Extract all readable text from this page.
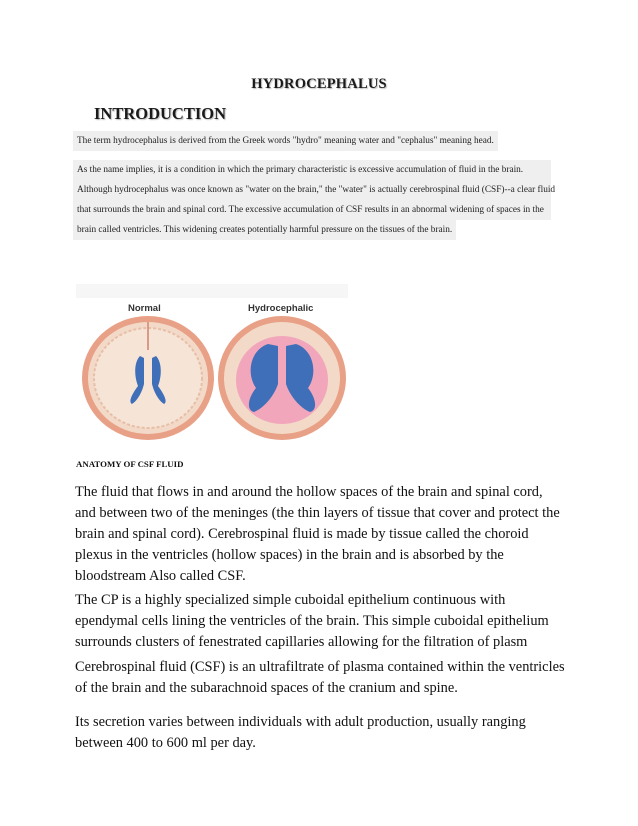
HYDROCEPHALUS
INTRODUCTION
The term hydrocephalus is derived from the Greek words "hydro" meaning water and "cephalus" meaning head.
As the name implies, it is a condition in which the primary characteristic is excessive accumulation of fluid in the brain.
Although hydrocephalus was once known as "water on the brain," the "water" is actually cerebrospinal fluid (CSF)--a clear fluid
that surrounds the brain and spinal cord. The excessive accumulation of CSF results in an abnormal widening of spaces in the
brain called ventricles. This widening creates potentially harmful pressure on the tissues of the brain.
Normal	Hydrocephalic
ANATOMY OF CSF FLUID
The fluid that flows in and around the hollow spaces of the brain and spinal cord, and between two of the meninges (the thin layers of tissue that cover and protect the brain and spinal cord). Cerebrospinal fluid is made by tissue called the choroid plexus in the ventricles (hollow spaces) in the brain and is absorbed by the bloodstream Also called CSF.
The CP is a highly specialized simple cuboidal epithelium continuous with ependymal cells lining the ventricles of the brain. This simple cuboidal epithelium surrounds clusters of fenestrated capillaries allowing for the filtration of plasm
Cerebrospinal fluid (CSF) is an ultrafiltrate of plasma contained within the ventricles of the brain and the subarachnoid spaces of the cranium and spine.
Its secretion varies between individuals with adult production, usually ranging between 400 to 600 ml per day.
